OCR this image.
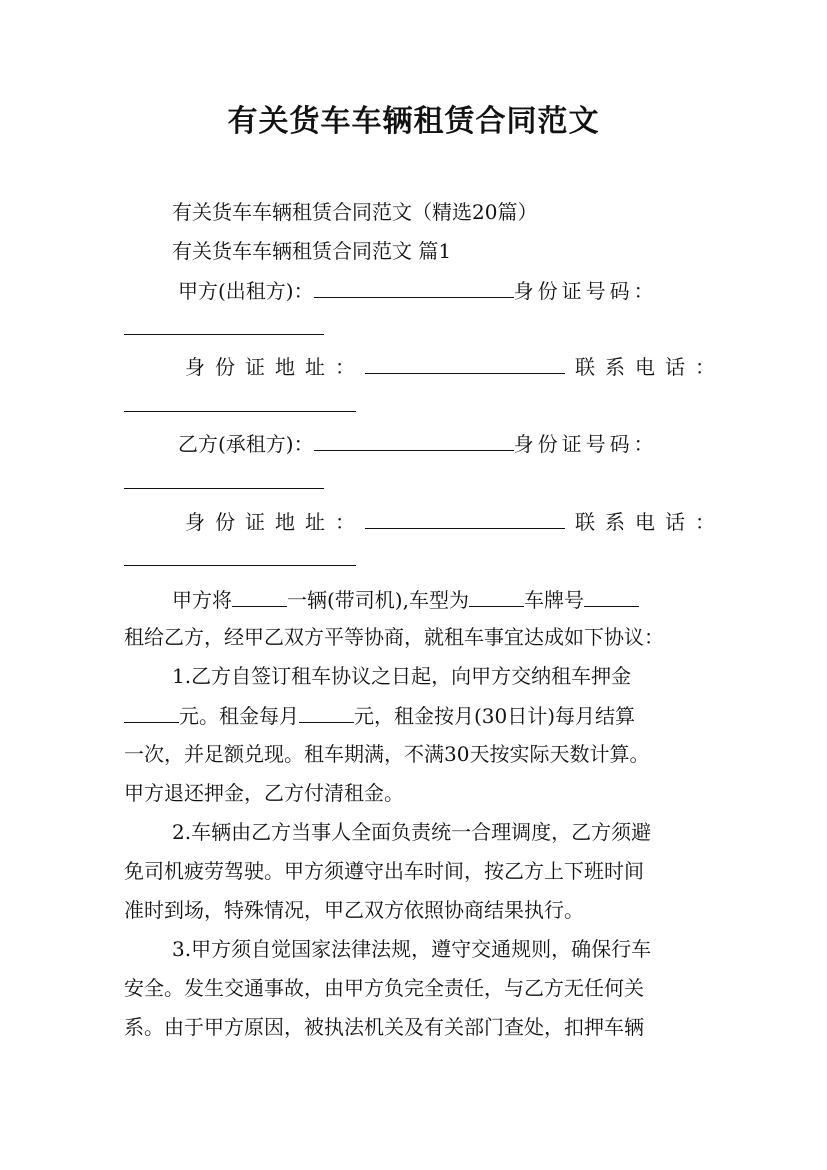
有关货车车辆租赁合同范文
有关货车车辆租赁合同范文（精选20篇）
有关货车车辆租赁合同范文 篇1
甲方(出租方)：	身份证号码：
身份证地址：	联系电话：
乙方(承租方)：	身份证号码：
身份证地址：	联系电话：
甲方将	一辆(带司机),车型为	车牌号
租给乙方，经甲乙双方平等协商，就租车事宜达成如下协议：
1.乙方自签订租车协议之日起，向甲方交纳租车押金
元。租金每月	元，租金按月(30日计)每月结算
一次，并足额兑现。租车期满，不满30天按实际天数计算。
甲方退还押金，乙方付清租金。
2.车辆由乙方当事人全面负责统一合理调度，乙方须避
免司机疲劳驾驶。甲方须遵守出车时间，按乙方上下班时间
准时到场，特殊情况，甲乙双方依照协商结果执行。
3.甲方须自觉国家法律法规，遵守交通规则，确保行车
安全。发生交通事故，由甲方负完全责任，与乙方无任何关
系。由于甲方原因，被执法机关及有关部门查处，扣押车辆
